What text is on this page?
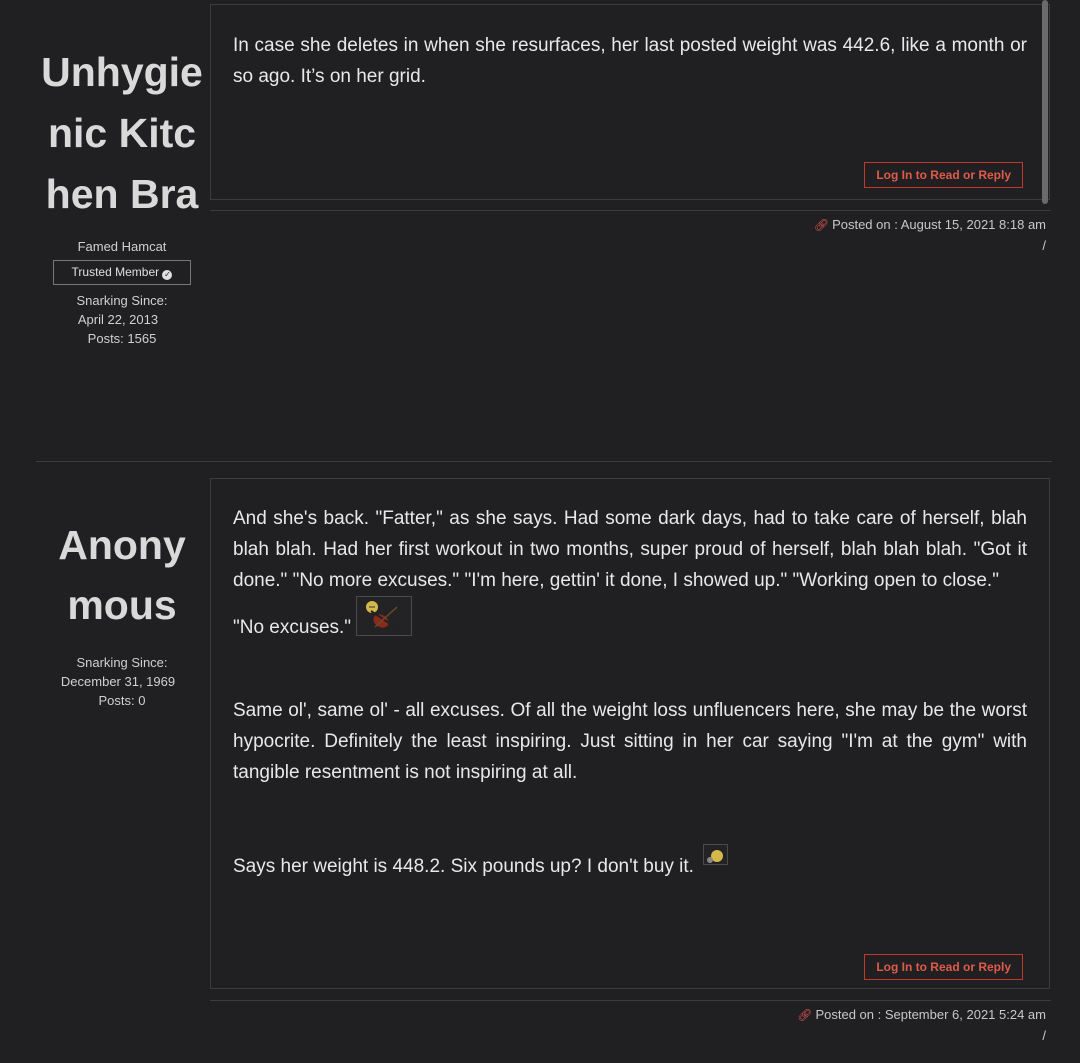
Unhygienic Kitchen Bra
Famed Hamcat
Trusted Member ✓
Snarking Since:
April 22, 2013
Posts: 1565

In case she deletes in when she resurfaces, her last posted weight was 442.6, like a month or so ago. It’s on her grid.

Log In to Read or Reply
🔗︎ Posted on : August 15, 2021 8:18 am
/
Anonymous
Snarking Since:
December 31, 1969
Posts: 0

And she's back. "Fatter," as she says. Had some dark days, had to take care of herself, blah blah blah. Had her first workout in two months, super proud of herself, blah blah blah. "Got it done." "No more excuses." "I'm here, gettin' it done, I showed up." "Working open to close."

"No excuses."

Same ol', same ol' - all excuses. Of all the weight loss unfluencers here, she may be the worst hypocrite. Definitely the least inspiring. Just sitting in her car saying "I'm at the gym" with tangible resentment is not inspiring at all.

Says her weight is 448.2. Six pounds up? I don't buy it.

Log In to Read or Reply
🔗︎ Posted on : September 6, 2021 5:24 am
/
